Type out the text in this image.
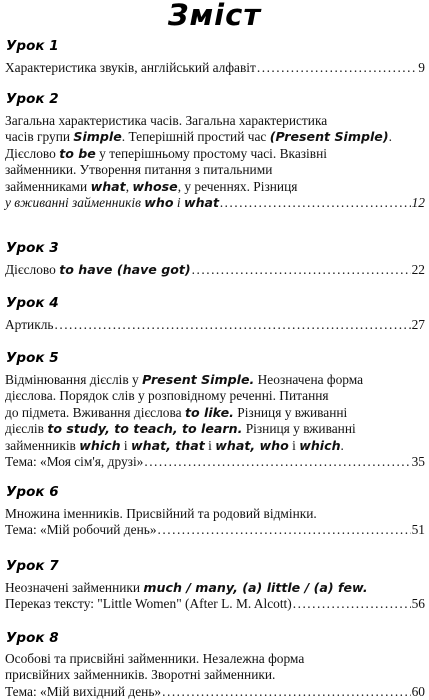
Зміст
Урок 1
Характеристика звуків, англійський алфавіт .....	9
Урок 2
Загальна характеристика часів. Загальна характеристика
часів групи Simple. Теперішній простий час (Present Simple).
Дієслово to be у теперішньому простому часі. Вказівні
займенники. Утворення питання з питальними
займенниками what, whose, у реченнях. Різниця
у вживанні займенників who і what .....	12
Урок 3
Дієслово to have (have got) .....	22
Урок 4
Артикль .....	27
Урок 5
Відмінювання дієслів у Present Simple. Неозначена форма
дієслова. Порядок слів у розповідному реченні. Питання
до підмета. Вживання дієслова to like. Різниця у вживанні
дієслів to study, to teach, to learn. Різниця у вживанні
займенників which і what, that і what, who і which.
Тема: «Моя сім'я, друзі» .....	35
Урок 6
Множина іменників. Присвійний та родовий відмінки.
Тема: «Мій робочий день» .....	51
Урок 7
Неозначені займенники much / many, (a) little / (a) few.
Переказ тексту: "Little Women" (After L. M. Alcott) .....	56
Урок 8
Особові та присвійні займенники. Незалежна форма
присвійних займенників. Зворотні займенники.
Тема: «Мій вихідний день» .....	60
